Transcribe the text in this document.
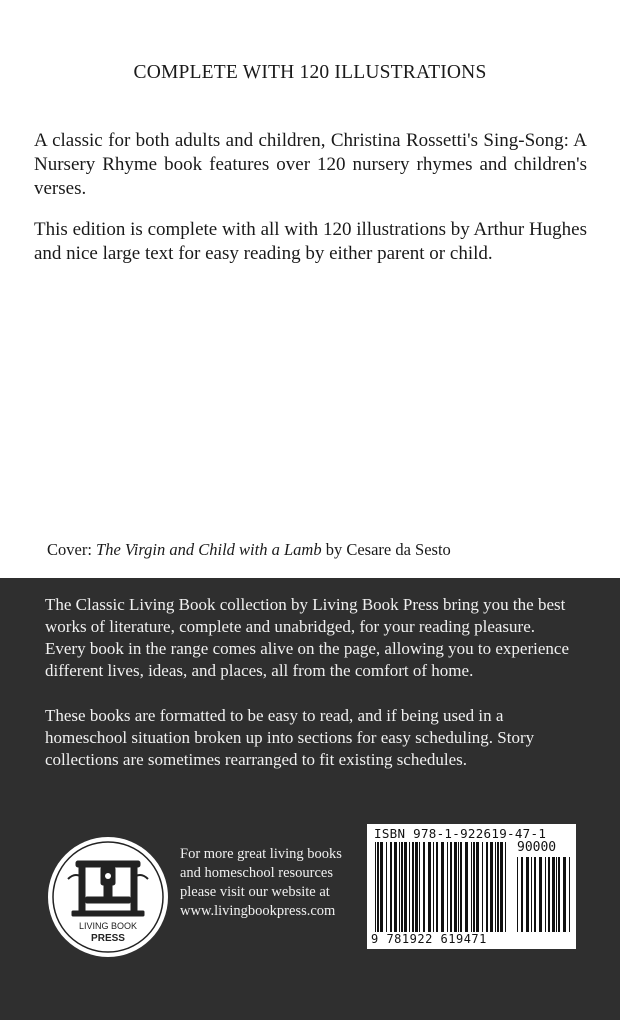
COMPLETE WITH 120 ILLUSTRATIONS

A classic for both adults and children, Christina Rossetti's Sing-Song: A Nursery Rhyme book features over 120 nursery rhymes and children's verses.

This edition is complete with all with 120 illustrations by Arthur Hughes and nice large text for easy reading by either parent or child.

Cover: The Virgin and Child with a Lamb by Cesare da Sesto

The Classic Living Book collection by Living Book Press bring you the best works of literature, complete and unabridged, for your reading pleasure. Every book in the range comes alive on the page, allowing you to experience different lives, ideas, and places, all from the comfort of home.

These books are formatted to be easy to read, and if being used in a homeschool situation broken up into sections for easy scheduling. Story collections are sometimes rearranged to fit existing schedules.

LIVING BOOK
PRESS
For more great living books
and homeschool resources
please visit our website at
www.livingbookpress.com
ISBN 978-1-922619-47-1
90000
9 781922 619471
